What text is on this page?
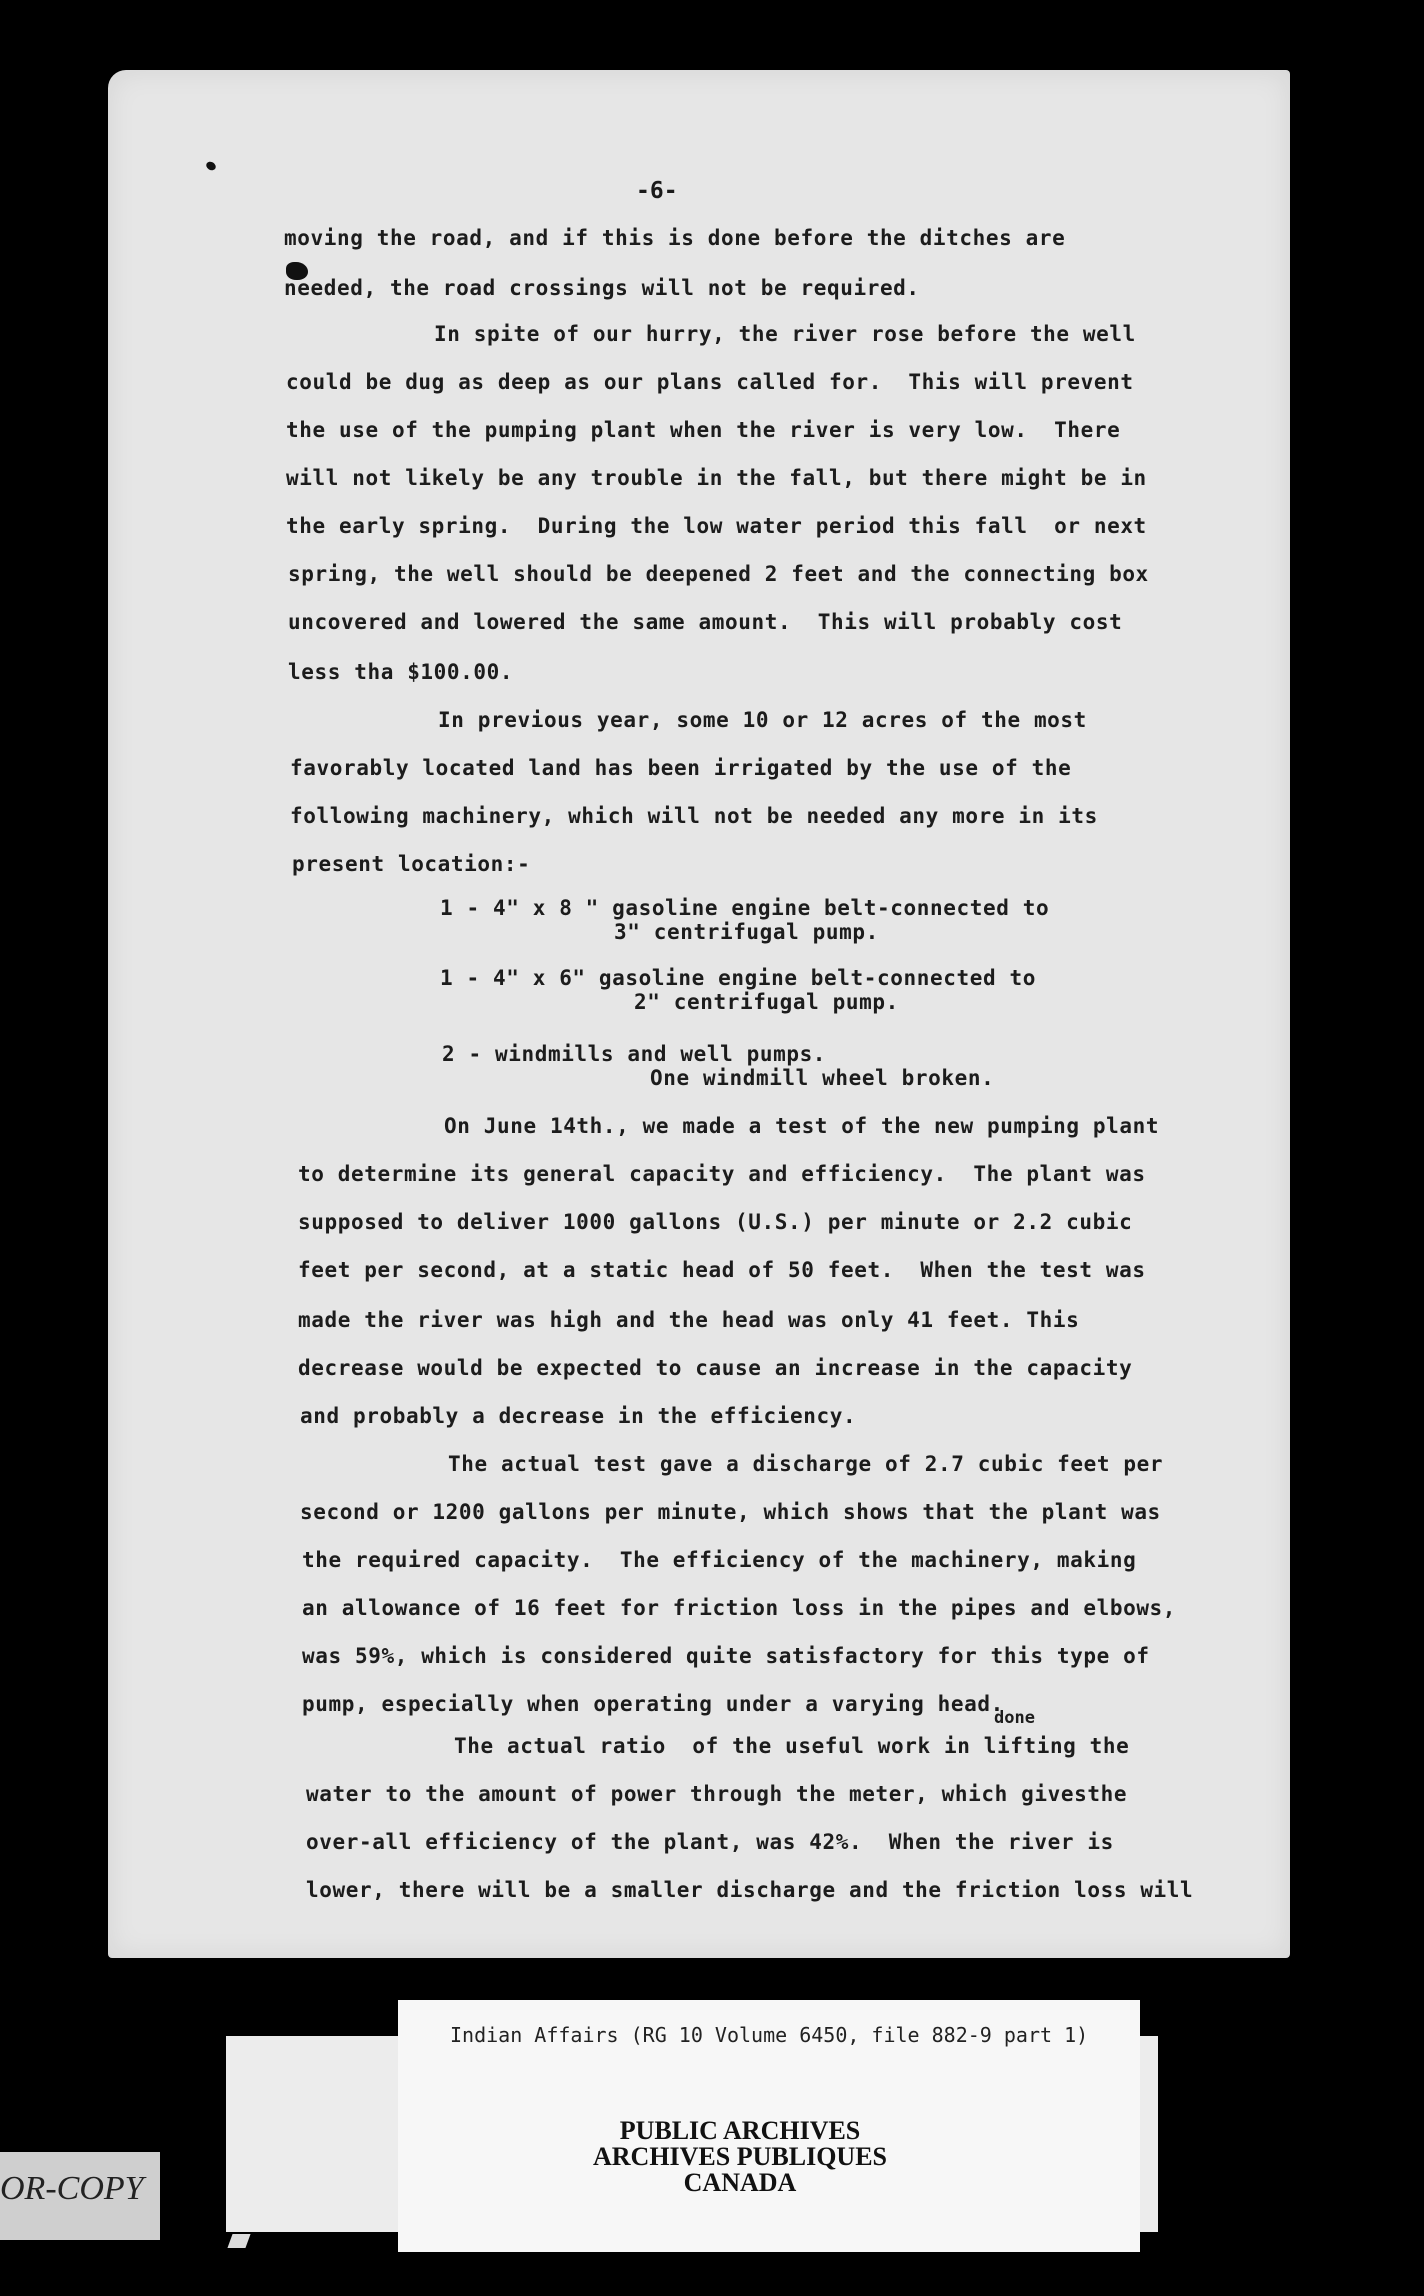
-6-
moving the road, and if this is done before the ditches are
needed, the road crossings will not be required.
In spite of our hurry, the river rose before the well
could be dug as deep as our plans called for.  This will prevent
the use of the pumping plant when the river is very low.  There
will not likely be any trouble in the fall, but there might be in
the early spring.  During the low water period this fall  or next
spring, the well should be deepened 2 feet and the connecting box
uncovered and lowered the same amount.  This will probably cost
less tha $100.00.
In previous year, some 10 or 12 acres of the most
favorably located land has been irrigated by the use of the
following machinery, which will not be needed any more in its
present location:-
1 - 4" x 8 " gasoline engine belt-connected to
3" centrifugal pump.
1 - 4" x 6" gasoline engine belt-connected to
2" centrifugal pump.
2 - windmills and well pumps.
One windmill wheel broken.
On June 14th., we made a test of the new pumping plant
to determine its general capacity and efficiency.  The plant was
supposed to deliver 1000 gallons (U.S.) per minute or 2.2 cubic
feet per second, at a static head of 50 feet.  When the test was
made the river was high and the head was only 41 feet. This
decrease would be expected to cause an increase in the capacity
and probably a decrease in the efficiency.
The actual test gave a discharge of 2.7 cubic feet per
second or 1200 gallons per minute, which shows that the plant was
the required capacity.  The efficiency of the machinery, making
an allowance of 16 feet for friction loss in the pipes and elbows,
was 59%, which is considered quite satisfactory for this type of
pump, especially when operating under a varying head.
done
The actual ratio  of the useful work in lifting the
water to the amount of power through the meter, which givesthe
over-all efficiency of the plant, was 42%.  When the river is
lower, there will be a smaller discharge and the friction loss will
Indian Affairs (RG 10 Volume 6450, file 882-9 part 1)
PUBLIC ARCHIVES
ARCHIVES PUBLIQUES
CANADA
OR-COPY
